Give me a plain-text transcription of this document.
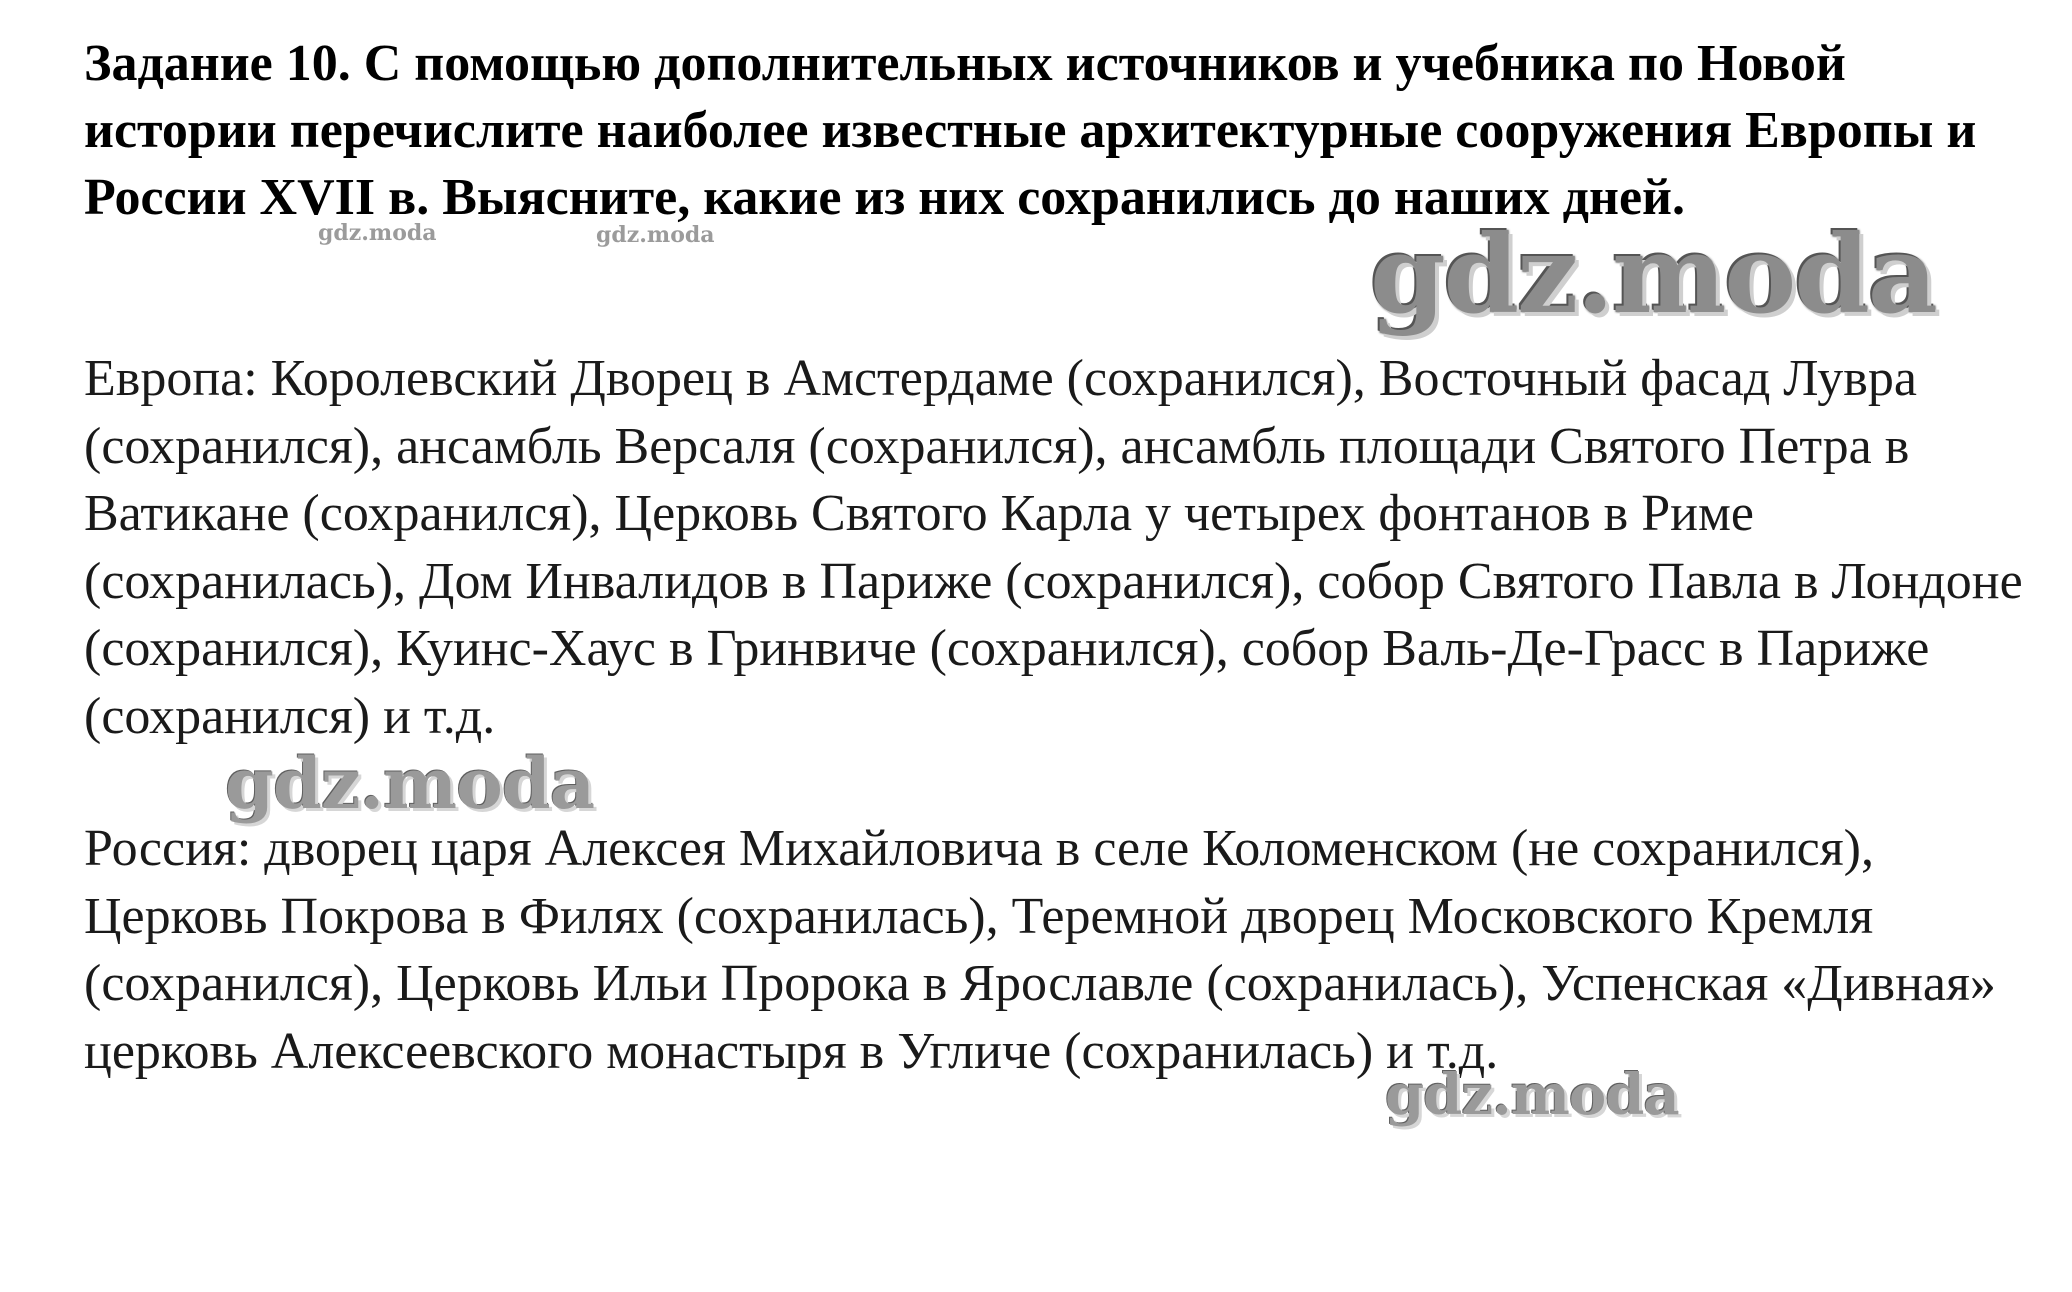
Задание 10. С помощью дополнительных источников и учебника по Новой истории перечислите наиболее известные архитектурные сооружения Европы и России XVII в. Выясните, какие из них сохранились до наших дней.

gdz.moda	gdz.moda	gdz.moda

Европа: Королевский Дворец в Амстердаме (сохранился), Восточный фасад Лувра (сохранился), ансамбль Версаля (сохранился), ансамбль площади Святого Петра в Ватикане (сохранился), Церковь Святого Карла у четырех фонтанов в Риме (сохранилась), Дом Инвалидов в Париже (сохранился), собор Святого Павла в Лондоне (сохранился), Куинс-Хаус в Гринвиче (сохранился), собор Валь-Де-Грасс в Париже (сохранился) и т.д.

gdz.moda

Россия: дворец царя Алексея Михайловича в селе Коломенском (не сохранился), Церковь Покрова в Филях (сохранилась), Теремной дворец Московского Кремля (сохранился), Церковь Ильи Пророка в Ярославле (сохранилась), Успенская «Дивная» церковь Алексеевского монастыря в Угличе (сохранилась) и т.д.

gdz.moda
